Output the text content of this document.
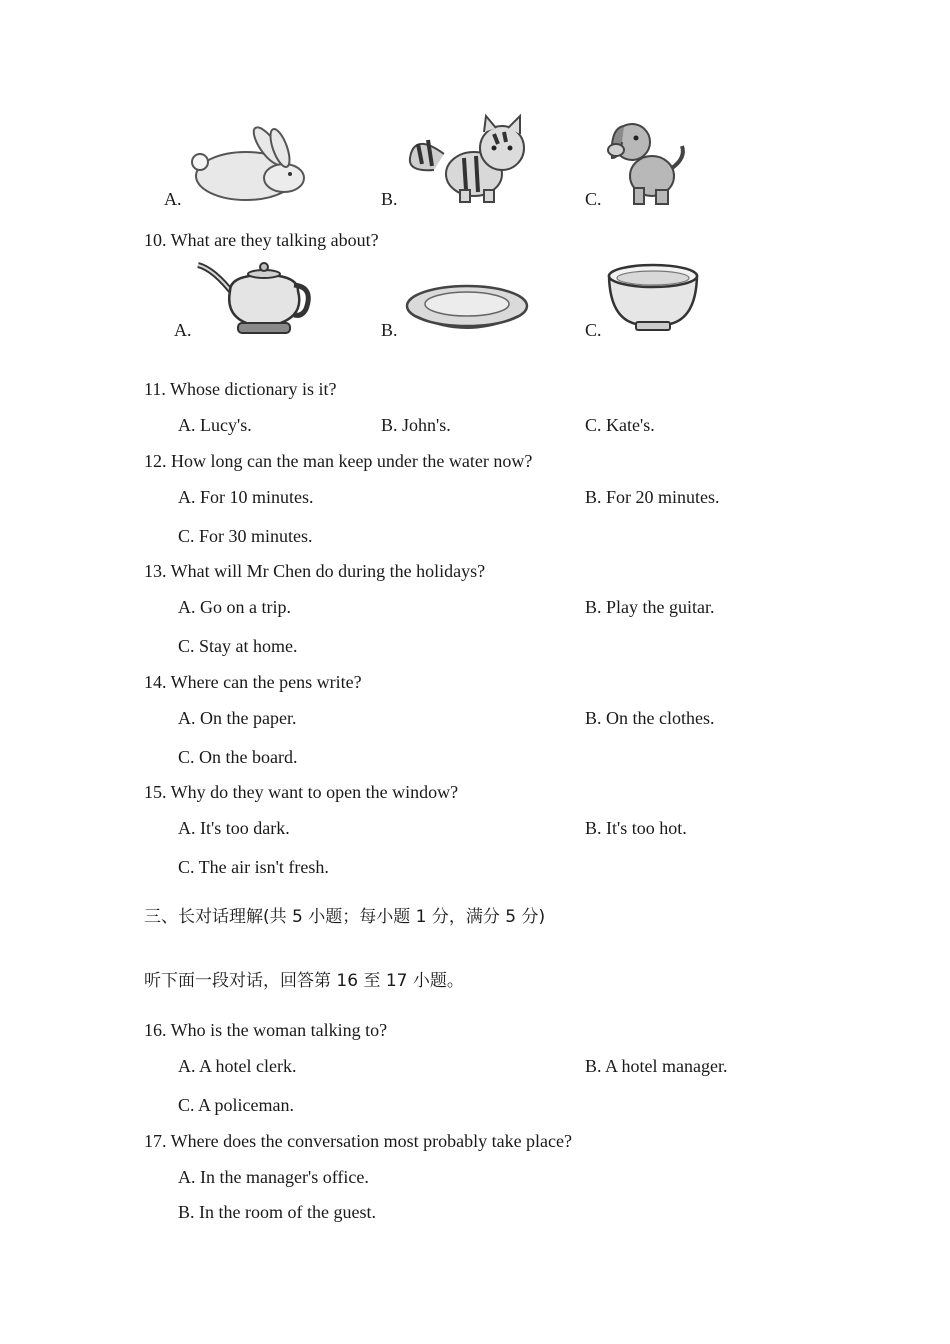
A.	B.	C.
10. What are they talking about?
A.	B.	C.
11. Whose dictionary is it?
A. Lucy's.	B. John's.	C. Kate's.
12. How long can the man keep under the water now?
A. For 10 minutes.	B. For 20 minutes.
C. For 30 minutes.
13. What will Mr Chen do during the holidays?
A. Go on a trip.	B. Play the guitar.
C. Stay at home.
14. Where can the pens write?
A. On the paper.	B. On the clothes.
C. On the board.
15. Why do they want to open the window?
A. It's too dark.	B. It's too hot.
C. The air isn't fresh.
三、长对话理解(共 5 小题；每小题 1 分，满分 5 分)
听下面一段对话，回答第 16 至 17 小题。
16. Who is the woman talking to?
A. A hotel clerk.	B. A hotel manager.
C. A policeman.
17. Where does the conversation most probably take place?
A. In the manager's office.
B. In the room of the guest.
